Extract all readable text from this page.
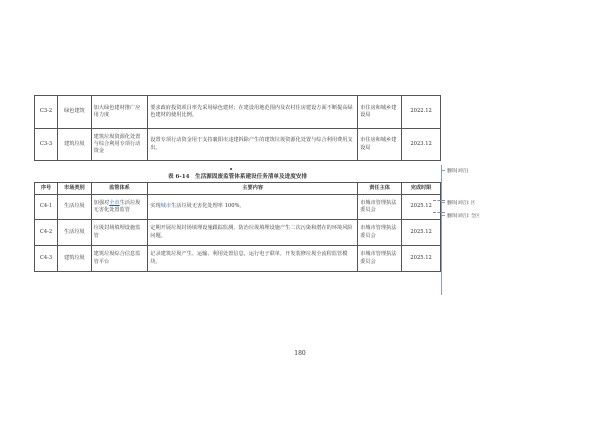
C3-2	绿色建筑	加大绿色建材推广应用力度	要求政府投资项目率先采用绿色建材；在建设用地范围内及农村住房建设方面不断提高绿色建材的使用比例。	市住房和城乡建设局	2022.12
C3-3	建筑垃圾	建筑垃圾资源化处置与综合利用专项行动资金	设置专项行动资金用于支持襄阳市违建拆除产生的建筑垃圾资源化处置与综合利用费用支出。	市住房和城乡建设局	2023.12
表 6-14　生活源固废监管体系建设任务清单及进度安排
序号	市场类别	监管体系	主要内容	责任主体	完成时限
C4-1	生活垃圾	加强对全市生活垃圾无害化处置监管	实现城市生活垃圾无害化处理率 100%。	市城市管理执法委员会	2025.12
C4-2	生活垃圾	垃圾封场填埋设施监管	定期开展垃圾封场填埋设施跟踪监测，防治垃圾填埋设施产生二次污染和潜在的环境风险问题。	市城市管理执法委员会	2025.12
C4-3	建筑垃圾	建筑垃圾综合信息监管平台	记录建筑垃圾产生、运输、利用处置信息，运行电子联单，开发装修垃圾全流程监管模块。	市城市管理执法委员会	2025.12
删除[刘启]
删除[刘启]: 区
删除[刘启]: 全区
180
